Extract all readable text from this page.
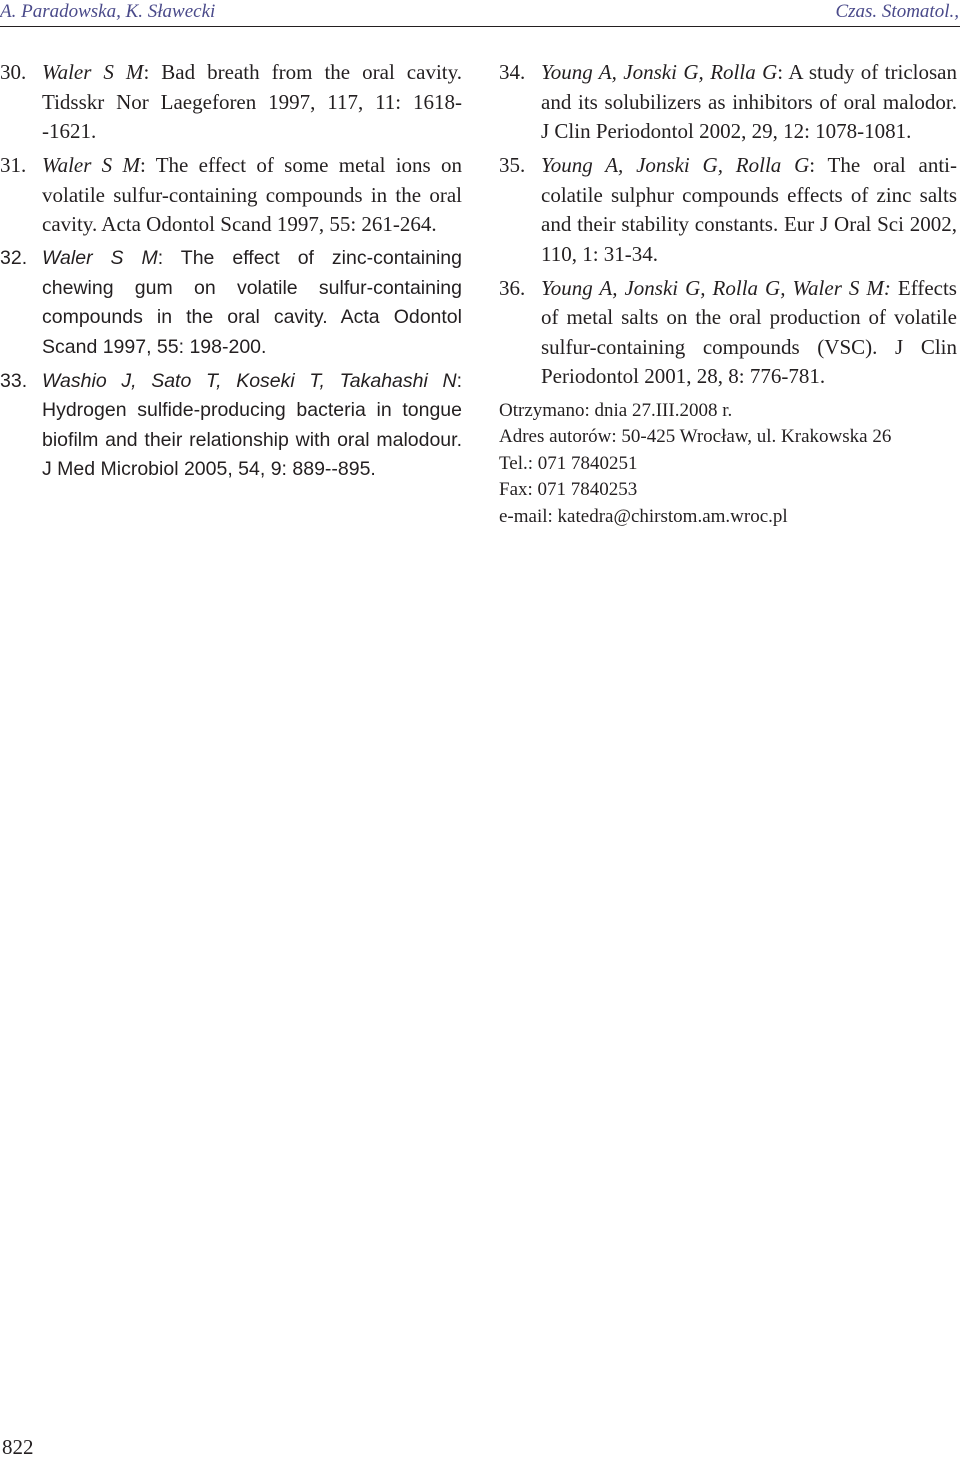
A. Paradowska, K. Sławecki	Czas. Stomatol.,

30. Waler S M: Bad breath from the oral cavity. Tidsskr Nor Laegeforen 1997, 117, 11: 1618--1621.

31. Waler S M: The effect of some metal ions on volatile sulfur-containing compounds in the oral cavity. Acta Odontol Scand 1997, 55: 261-264.

32. Waler S M: The effect of zinc-containing chewing gum on volatile sulfur-containing compounds in the oral cavity. Acta Odontol Scand 1997, 55: 198-200.

33. Washio J, Sato T, Koseki T, Takahashi N: Hydrogen sulfide-producing bacteria in tongue biofilm and their relationship with oral malodour. J Med Microbiol 2005, 54, 9: 889--895.

34. Young A, Jonski G, Rolla G: A study of triclosan and its solubilizers as inhibitors of oral malodor. J Clin Periodontol 2002, 29, 12: 1078-1081.

35. Young A, Jonski G, Rolla G: The oral anti-colatile sulphur compounds effects of zinc salts and their stability constants. Eur J Oral Sci 2002, 110, 1: 31-34.

36. Young A, Jonski G, Rolla G, Waler S M: Effects of metal salts on the oral production of volatile sulfur-containing compounds (VSC). J Clin Periodontol 2001, 28, 8: 776-781.

Otrzymano: dnia 27.III.2008 r.

Adres autorów: 50-425 Wrocław, ul. Krakowska 26

Tel.: 071 7840251

Fax: 071 7840253

e-mail: katedra@chirstom.am.wroc.pl

822
